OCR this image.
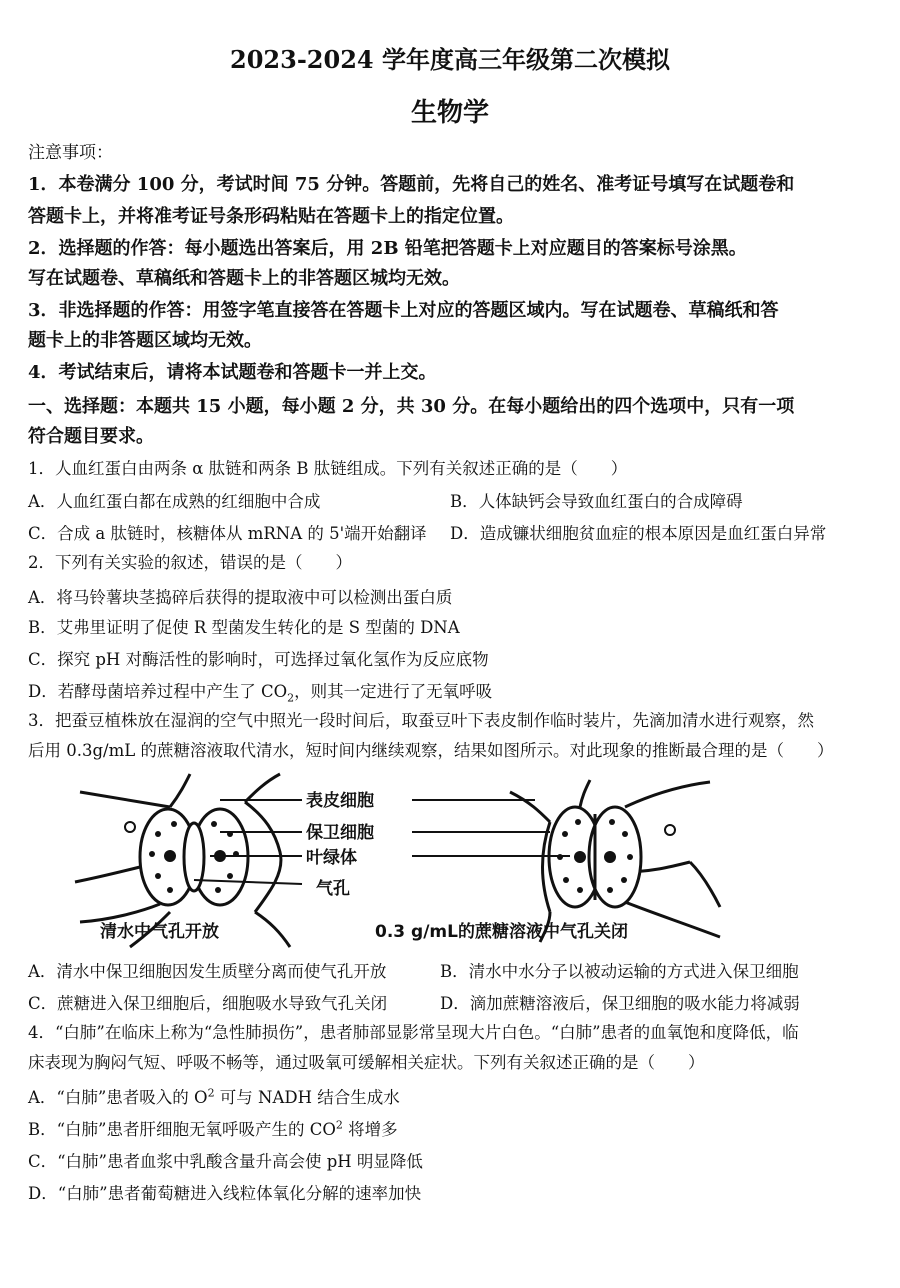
2023-2024 学年度高三年级第二次模拟
生物学
注意事项：
1．本卷满分 100 分，考试时间 75 分钟。答题前，先将自己的姓名、准考证号填写在试题卷和
答题卡上，并将准考证号条形码粘贴在答题卡上的指定位置。
2．选择题的作答：每小题选出答案后，用 2B 铅笔把答题卡上对应题目的答案标号涂黑。
写在试题卷、草稿纸和答题卡上的非答题区城均无效。
3．非选择题的作答：用签字笔直接答在答题卡上对应的答题区域内。写在试题卷、草稿纸和答
题卡上的非答题区域均无效。
4．考试结束后，请将本试题卷和答题卡一并上交。
一、选择题：本题共 15 小题，每小题 2 分，共 30 分。在每小题给出的四个选项中，只有一项
符合题目要求。
1．人血红蛋白由两条 α 肽链和两条 Β 肽链组成。下列有关叙述正确的是（　　）
A．人血红蛋白都在成熟的红细胞中合成	B．人体缺钙会导致血红蛋白的合成障碍
C．合成 a 肽链时，核糖体从 mRNA 的 5'端开始翻译 D．造成镰状细胞贫血症的根本原因是血红蛋白异常
2．下列有关实验的叙述，错误的是（　　）
A．将马铃薯块茎捣碎后获得的提取液中可以检测出蛋白质
B．艾弗里证明了促使 R 型菌发生转化的是 S 型菌的 DNA
C．探究 pH 对酶活性的影响时，可选择过氧化氢作为反应底物
D．若酵母菌培养过程中产生了 $CO_2$，则其一定进行了无氧呼吸
3．把蚕豆植株放在湿润的空气中照光一段时间后，取蚕豆叶下表皮制作临时装片，先滴加清水进行观察，然
后用 0.3g/mL 的蔗糖溶液取代清水，短时间内继续观察，结果如图所示。对此现象的推断最合理的是（　　）
表皮细胞
保卫细胞
叶绿体
气孔
清水中气孔开放	0.3 g/mL的蔗糖溶液中气孔关闭
A．清水中保卫细胞因发生质壁分离而使气孔开放	B．清水中水分子以被动运输的方式进入保卫细胞
C．蔗糖进入保卫细胞后，细胞吸水导致气孔关闭	D．滴加蔗糖溶液后，保卫细胞的吸水能力将减弱
4．“白肺”在临床上称为“急性肺损伤”，患者肺部显影常呈现大片白色。“白肺”患者的血氧饱和度降低，临
床表现为胸闷气短、呼吸不畅等，通过吸氧可缓解相关症状。下列有关叙述正确的是（　　）
A．“白肺”患者吸入的 $O^2$ 可与 NADH 结合生成水
B．“白肺”患者肝细胞无氧呼吸产生的 $CO^2$ 将增多
C．“白肺”患者血浆中乳酸含量升高会使 pH 明显降低
D．“白肺”患者葡萄糖进入线粒体氧化分解的速率加快
